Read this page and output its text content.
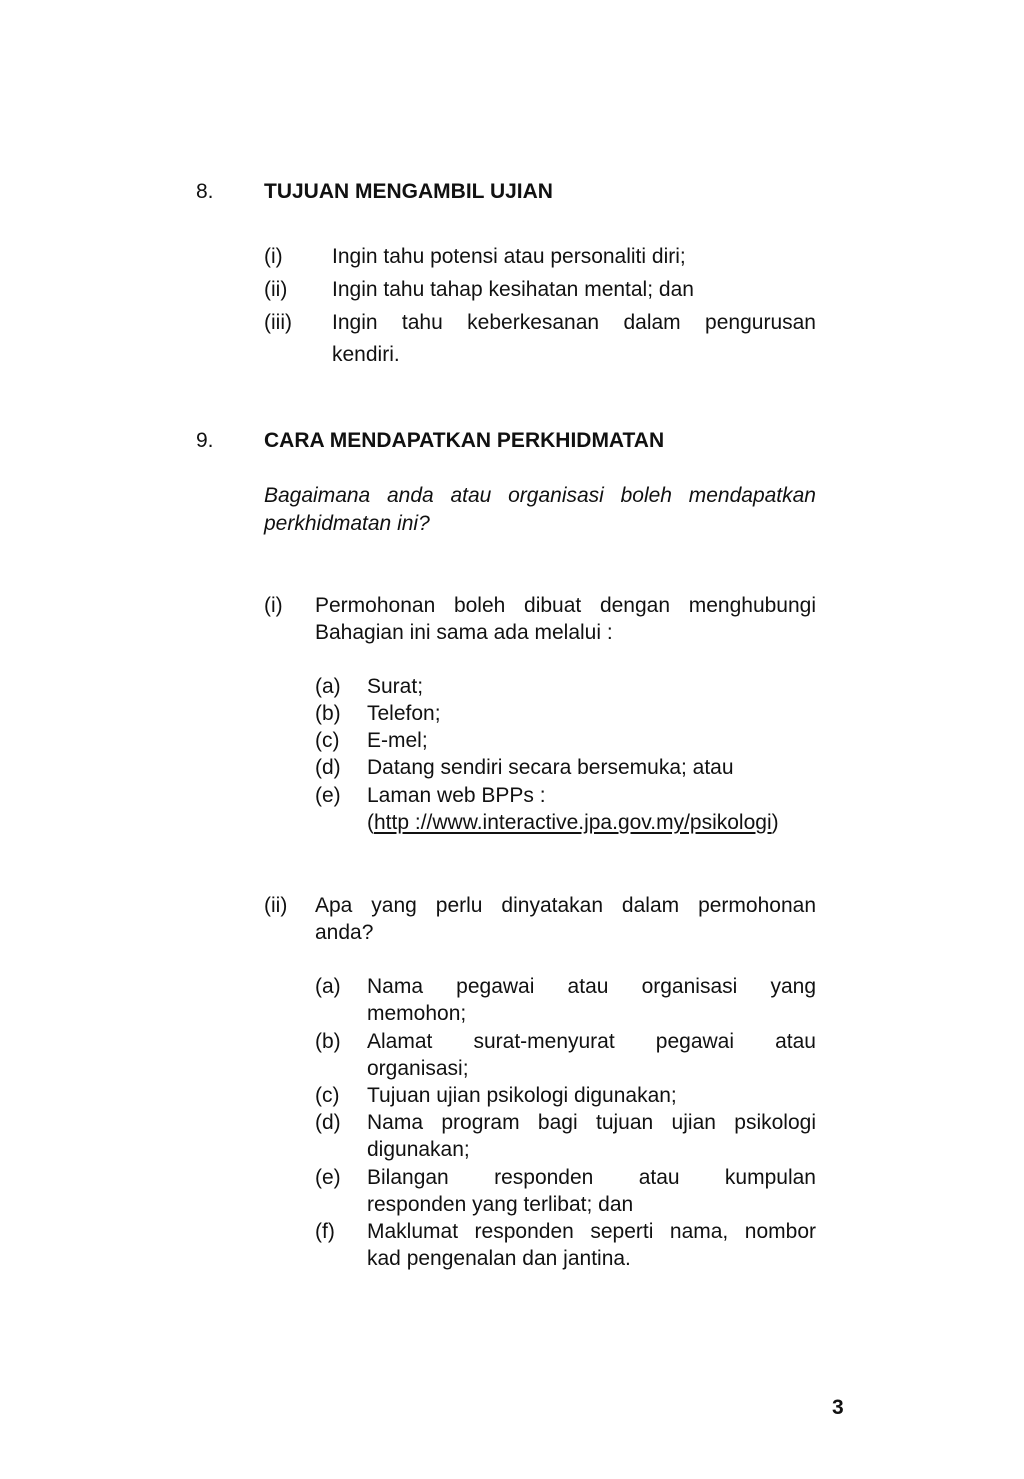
8. TUJUAN MENGAMBIL UJIAN
(i) Ingin tahu potensi atau personaliti diri;
(ii) Ingin tahu tahap kesihatan mental; dan
(iii) Ingin tahu keberkesanan dalam pengurusan
kendiri.
9. CARA MENDAPATKAN PERKHIDMATAN
Bagaimana anda atau organisasi boleh mendapatkan
perkhidmatan ini?
(i) Permohonan boleh dibuat dengan menghubungi
Bahagian ini sama ada melalui :
(a) Surat;
(b) Telefon;
(c) E-mel;
(d) Datang sendiri secara bersemuka; atau
(e) Laman web BPPs :
(http ://www.interactive.jpa.gov.my/psikologi)
(ii) Apa yang perlu dinyatakan dalam permohonan
anda?
(a) Nama pegawai atau organisasi yang
memohon;
(b) Alamat surat-menyurat pegawai atau
organisasi;
(c) Tujuan ujian psikologi digunakan;
(d) Nama program bagi tujuan ujian psikologi
digunakan;
(e) Bilangan responden atau kumpulan
responden yang terlibat; dan
(f) Maklumat responden seperti nama, nombor
kad pengenalan dan jantina.
3
